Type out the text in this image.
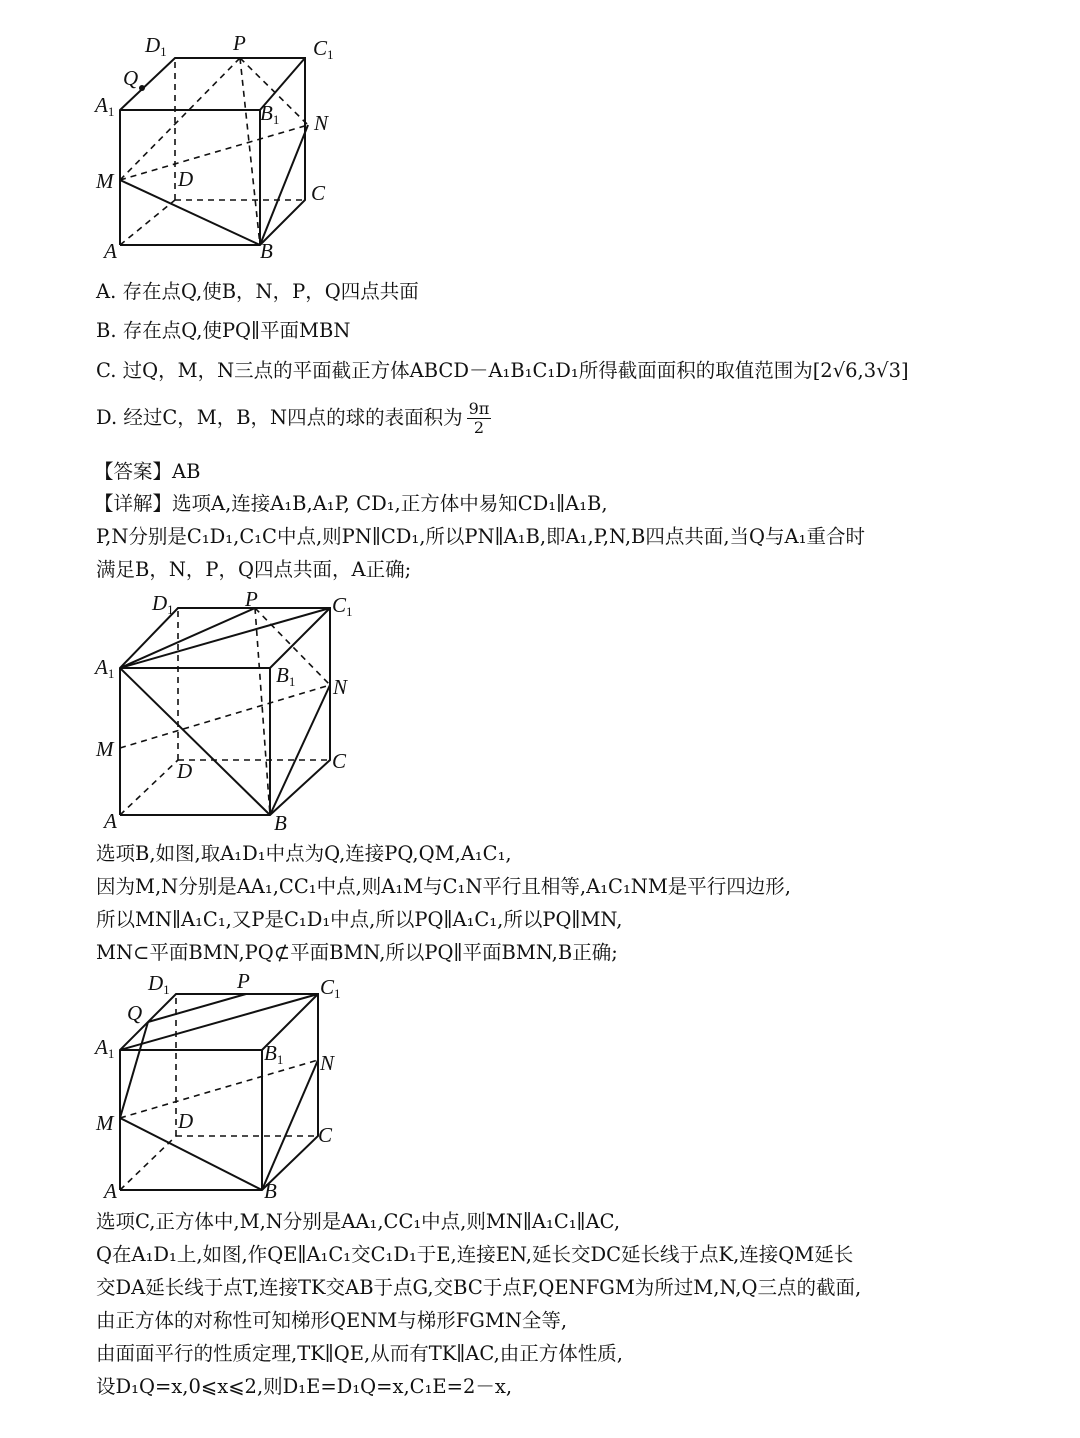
D1	P	C1
Q
A1	B1 N
M	D
C
A	B
A. 存在点Q,使B，N，P，Q四点共面
B. 存在点Q,使PQ∥平面MBN
C. 过Q，M，N三点的平面截正方体ABCD－A₁B₁C₁D₁所得截面面积的取值范围为[2√6,3√3]
D. 经过C，M，B，N四点的球的表面积为 $\frac{9\pi}{2}$
【答案】AB
【详解】选项A,连接A₁B,A₁P, CD₁,正方体中易知CD₁∥A₁B,
P,N分别是C₁D₁,C₁C中点,则PN∥CD₁,所以PN∥A₁B,即A₁,P,N,B四点共面,当Q与A₁重合时
满足B，N，P，Q四点共面，A正确;
D1	P	C1
A1	B1 N
M
D	C
A	B
选项B,如图,取A₁D₁中点为Q,连接PQ,QM,A₁C₁,
因为M,N分别是AA₁,CC₁中点,则A₁M与C₁N平行且相等,A₁C₁NM是平行四边形,
所以MN∥A₁C₁,又P是C₁D₁中点,所以PQ∥A₁C₁,所以PQ∥MN,
MN⊂平面BMN,PQ⊄平面BMN,所以PQ∥平面BMN,B正确;
D1	P	C1
Q
A1	B1 N
M	D
C
A	B
选项C,正方体中,M,N分别是AA₁,CC₁中点,则MN∥A₁C₁∥AC,
Q在A₁D₁上,如图,作QE∥A₁C₁交C₁D₁于E,连接EN,延长交DC延长线于点K,连接QM延长
交DA延长线于点T,连接TK交AB于点G,交BC于点F,QENFGM为所过M,N,Q三点的截面,
由正方体的对称性可知梯形QENM与梯形FGMN全等,
由面面平行的性质定理,TK∥QE,从而有TK∥AC,由正方体性质,
设D₁Q=x,0⩽x⩽2,则D₁E=D₁Q=x,C₁E=2－x,
